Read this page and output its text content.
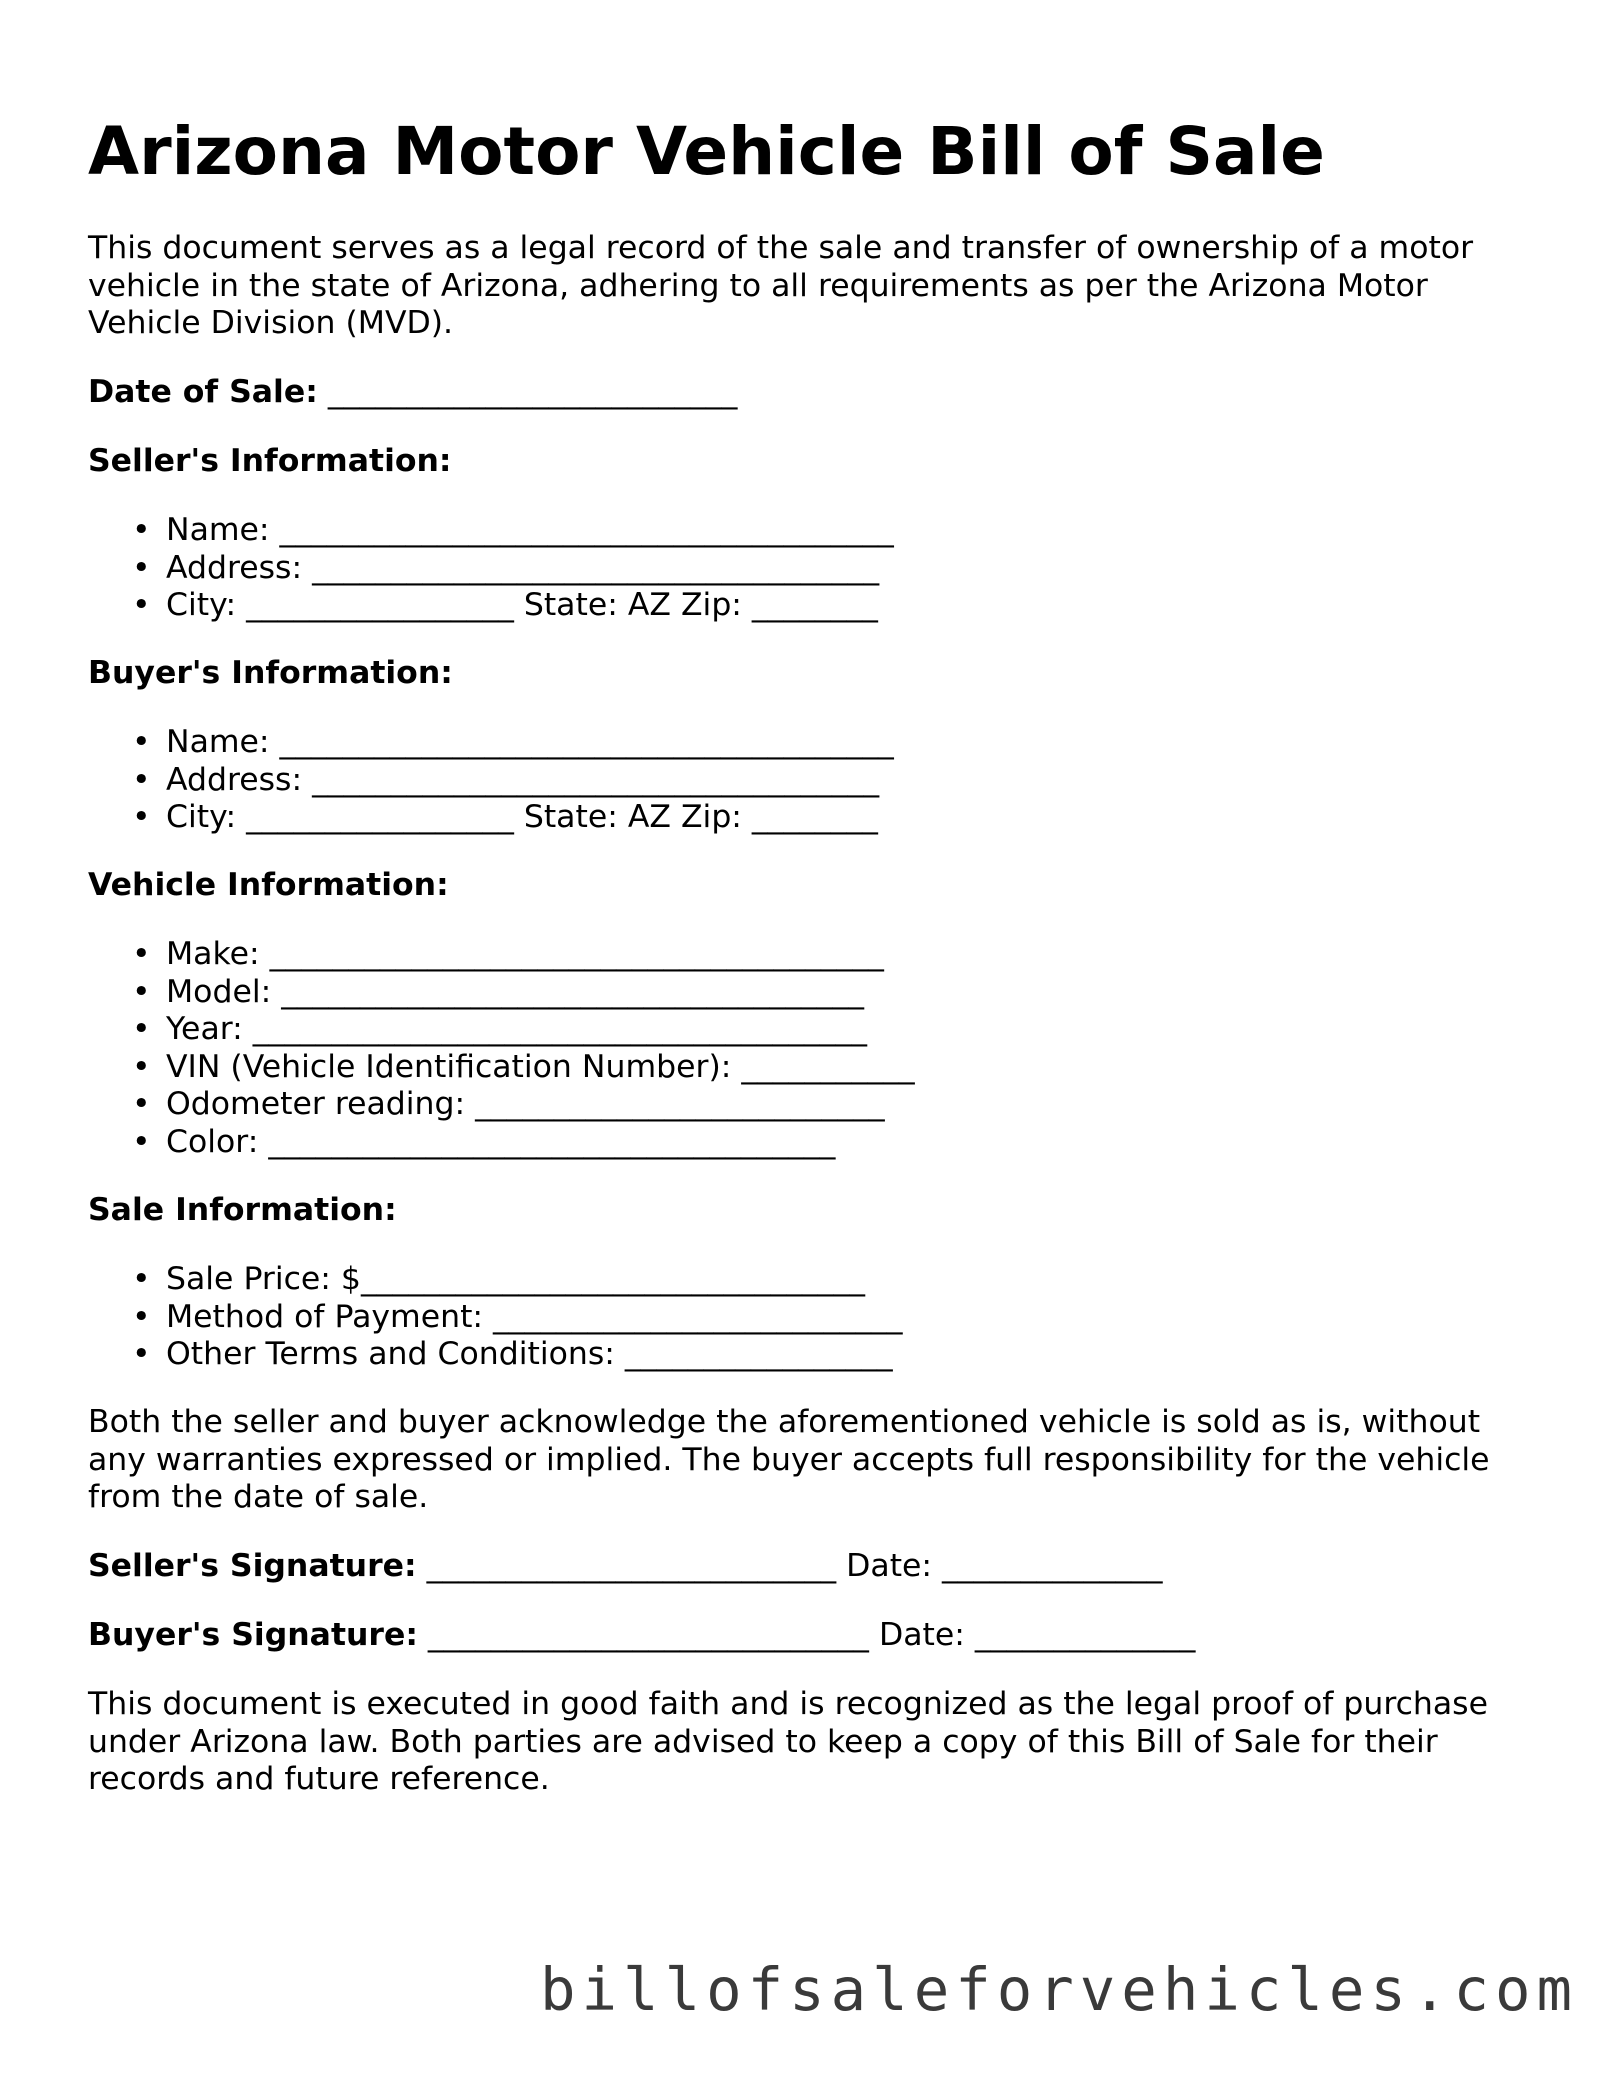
Arizona Motor Vehicle Bill of Sale

This document serves as a legal record of the sale and transfer of ownership of a motor
vehicle in the state of Arizona, adhering to all requirements as per the Arizona Motor
Vehicle Division (MVD).

Date of Sale: __________________________

Seller's Information:

• Name: _______________________________________
• Address: ____________________________________
• City: _________________ State: AZ Zip: ________

Buyer's Information:

• Name: _______________________________________
• Address: ____________________________________
• City: _________________ State: AZ Zip: ________

Vehicle Information:

• Make: _______________________________________
• Model: _____________________________________
• Year: _______________________________________
• VIN (Vehicle Identification Number): ___________
• Odometer reading: __________________________
• Color: ____________________________________

Sale Information:

• Sale Price: $________________________________
• Method of Payment: __________________________
• Other Terms and Conditions: _________________

Both the seller and buyer acknowledge the aforementioned vehicle is sold as is, without
any warranties expressed or implied. The buyer accepts full responsibility for the vehicle
from the date of sale.

Seller's Signature: __________________________ Date: ______________

Buyer's Signature: ____________________________ Date: ______________

This document is executed in good faith and is recognized as the legal proof of purchase
under Arizona law. Both parties are advised to keep a copy of this Bill of Sale for their
records and future reference.

billofsaleforvehicles.com
